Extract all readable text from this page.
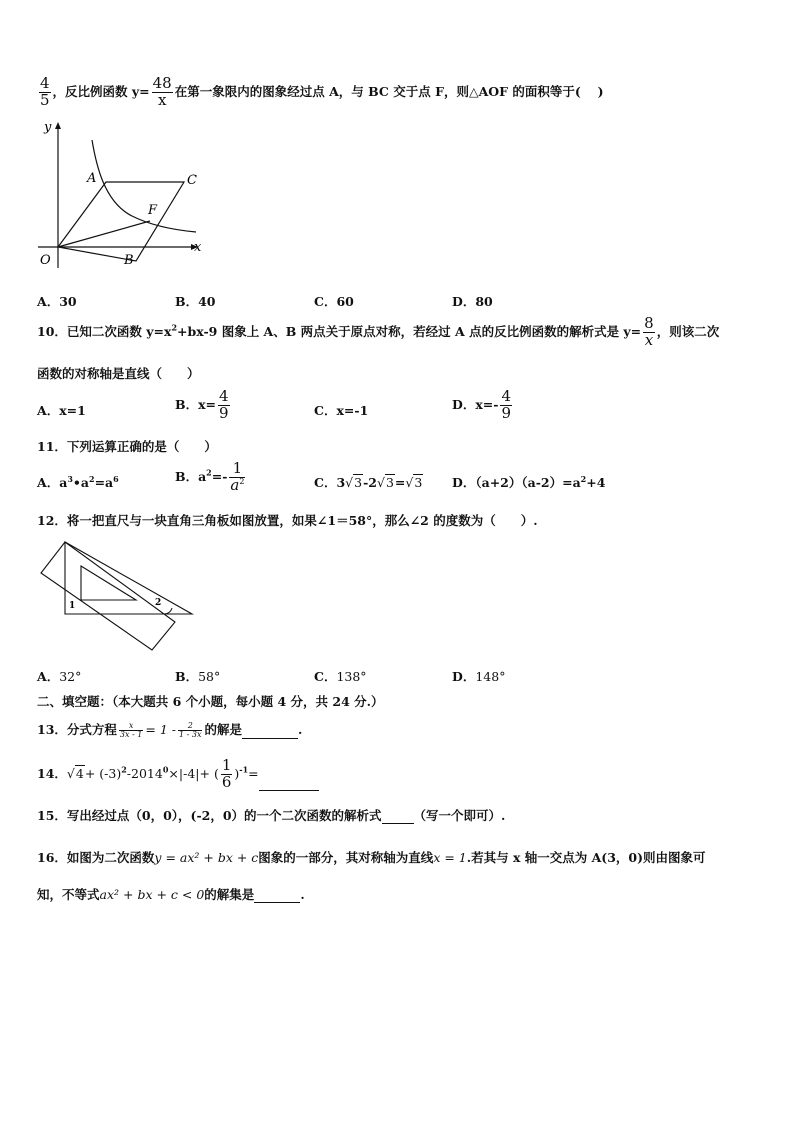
$\frac{4}{5}$ ，反比例函数 $y= \frac{48}{x}$ 在第一象限内的图象经过点 A，与 BC 交于点 F，则△AOF 的面积等于(　 )
y
x
O
A	C
F
B
A．30	B．40	C．60	D．80
10．已知二次函数 $y=x^2+bx-9$ 图象上 A、B 两点关于原点对称，若经过 A 点的反比例函数的解析式是 $y= \frac{8}{x}$ ，则该二次
函数的对称轴是直线（　　）
A．x=1	B．$x= \frac{4}{9}$	C．x=-1	D．$x=- \frac{4}{9}$
11．下列运算正确的是（　　）
A．$a^3•a^2=a^6$	B．$a^2=- \frac{1}{a^2}$	C．3√3-2√3=√3 D．$(a+2)(a-2)=a^2+4$
12．将一把直尺与一块直角三角板如图放置，如果∠1＝58°，那么∠2 的度数为（　　）.
1	2
A．32°	B．58°	C．138°	D．148°
二、填空题：（本大题共 6 个小题，每小题 4 分，共 24 分.）
13．分式方程 $\frac{x}{3x - 1} = 1 - \frac{2}{1 - 3x}$ 的解是	.
14．$√4+ (-3)^2-2014^0\times|-4|+$ ( $\frac{1}{6} )^{-1}=$
15．写出经过点（0，0），(-2，0）的一个二次函数的解析式	（写一个即可）.
16．如图为二次函数y = ax² + bx + c图象的一部分，其对称轴为直线x = 1.若其与 x 轴一交点为 A(3，0)则由图象可
知，不等式ax² + bx + c < 0的解集是	.
